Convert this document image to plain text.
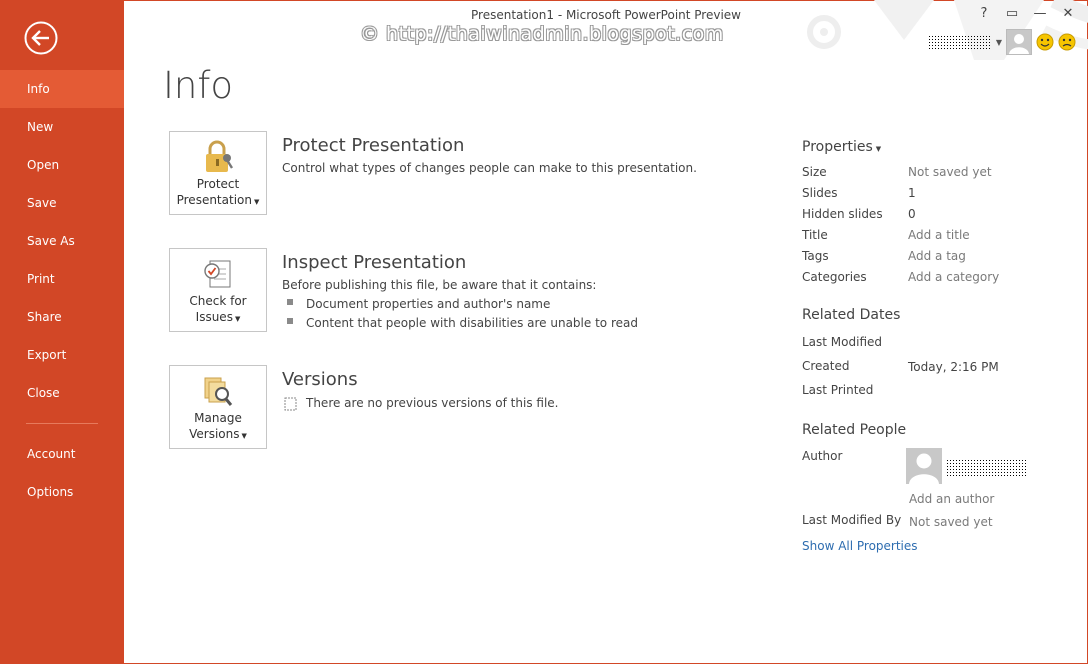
Info
New
Open
Save
Save As
Print
Share
Export
Close
Account
Options
Presentation1 - Microsoft PowerPoint Preview
© http://thaiwinadmin.blogspot.com
?	▭	—	✕
▼
Info
Protect
Presentation ▼
Protect Presentation
Control what types of changes people can make to this presentation.
Check for
Issues ▼
Inspect Presentation
Before publishing this file, be aware that it contains:
Document properties and author's name
Content that people with disabilities are unable to read
Manage
Versions ▼
Versions
There are no previous versions of this file.
Properties ▼
Size	Not saved yet
Slides	1
Hidden slides 0
Title	Add a title
Tags	Add a tag
Categories	Add a category
Related Dates
Last Modified
Created	Today, 2:16 PM
Last Printed
Related People
Author
Add an author
Last Modified By Not saved yet
Show All Properties
